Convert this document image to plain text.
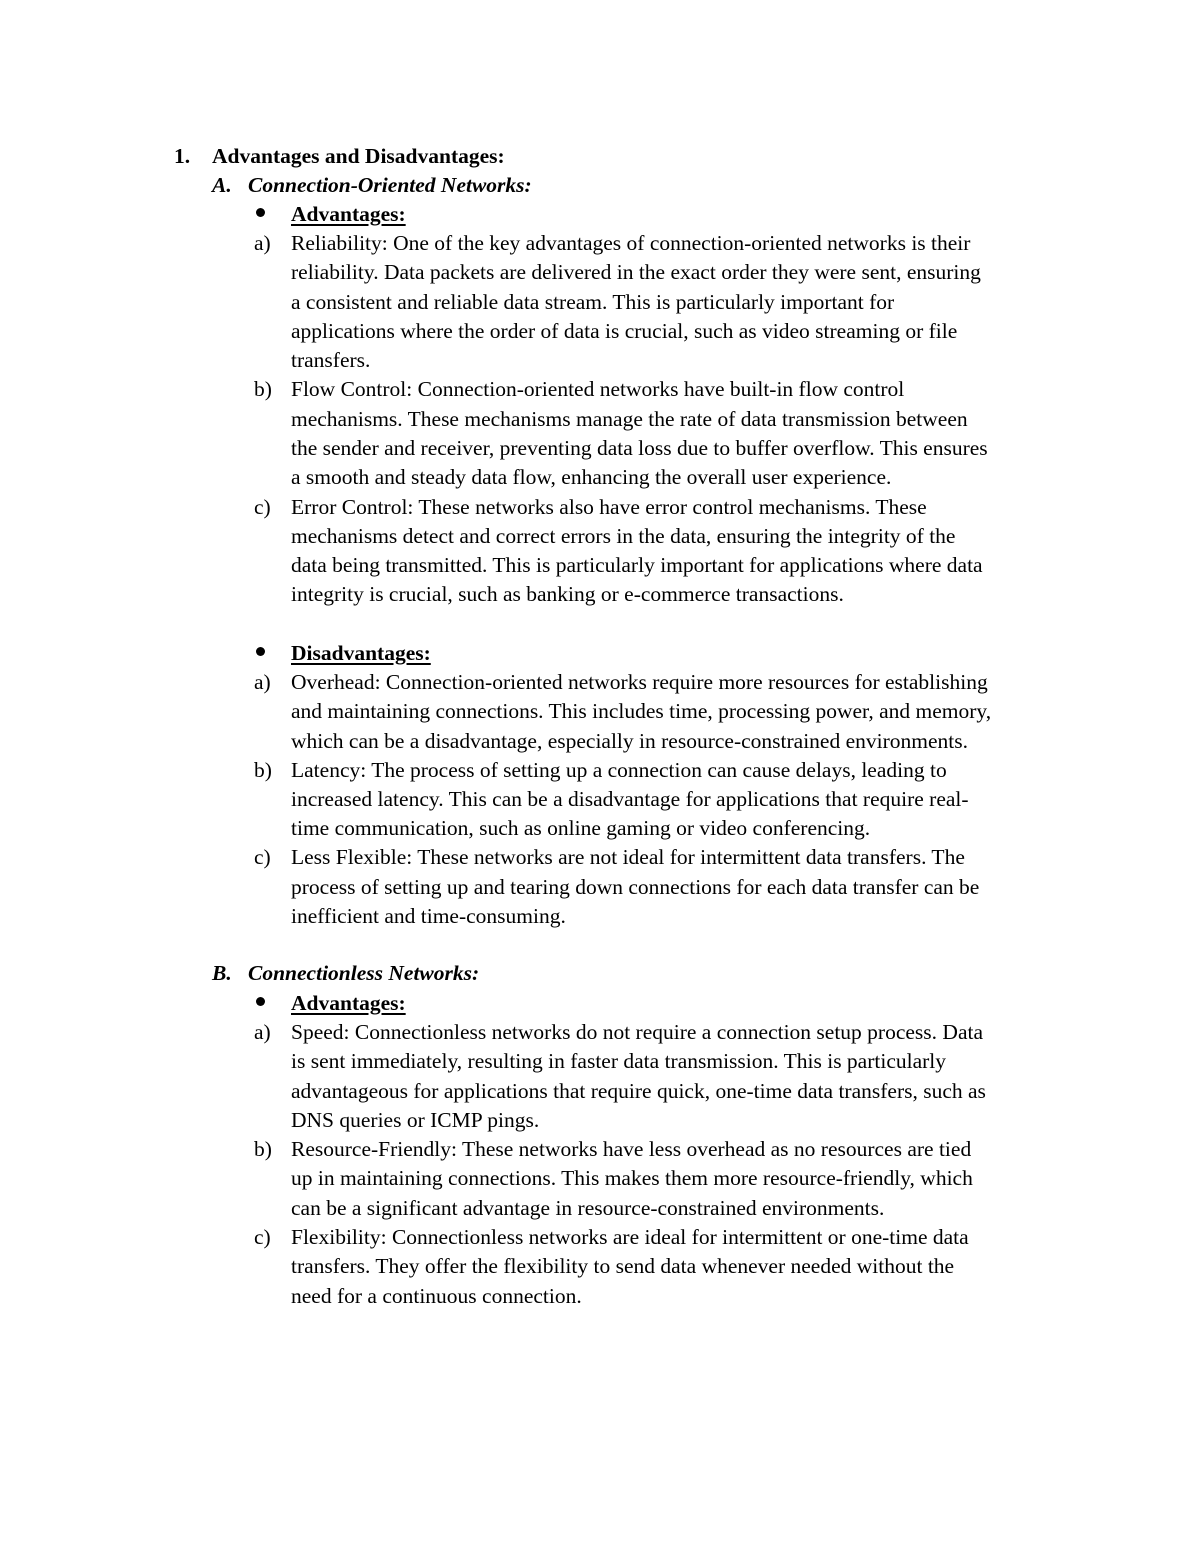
1. Advantages and Disadvantages:
A. Connection-Oriented Networks:
Advantages:
a) Reliability: One of the key advantages of connection-oriented networks is their
reliability. Data packets are delivered in the exact order they were sent, ensuring
a consistent and reliable data stream. This is particularly important for
applications where the order of data is crucial, such as video streaming or file
transfers.
b) Flow Control: Connection-oriented networks have built-in flow control
mechanisms. These mechanisms manage the rate of data transmission between
the sender and receiver, preventing data loss due to buffer overflow. This ensures
a smooth and steady data flow, enhancing the overall user experience.
c) Error Control: These networks also have error control mechanisms. These
mechanisms detect and correct errors in the data, ensuring the integrity of the
data being transmitted. This is particularly important for applications where data
integrity is crucial, such as banking or e-commerce transactions.
Disadvantages:
a) Overhead: Connection-oriented networks require more resources for establishing
and maintaining connections. This includes time, processing power, and memory,
which can be a disadvantage, especially in resource-constrained environments.
b) Latency: The process of setting up a connection can cause delays, leading to
increased latency. This can be a disadvantage for applications that require real-
time communication, such as online gaming or video conferencing.
c) Less Flexible: These networks are not ideal for intermittent data transfers. The
process of setting up and tearing down connections for each data transfer can be
inefficient and time-consuming.
B. Connectionless Networks:
Advantages:
a) Speed: Connectionless networks do not require a connection setup process. Data
is sent immediately, resulting in faster data transmission. This is particularly
advantageous for applications that require quick, one-time data transfers, such as
DNS queries or ICMP pings.
b) Resource-Friendly: These networks have less overhead as no resources are tied
up in maintaining connections. This makes them more resource-friendly, which
can be a significant advantage in resource-constrained environments.
c) Flexibility: Connectionless networks are ideal for intermittent or one-time data
transfers. They offer the flexibility to send data whenever needed without the
need for a continuous connection.
